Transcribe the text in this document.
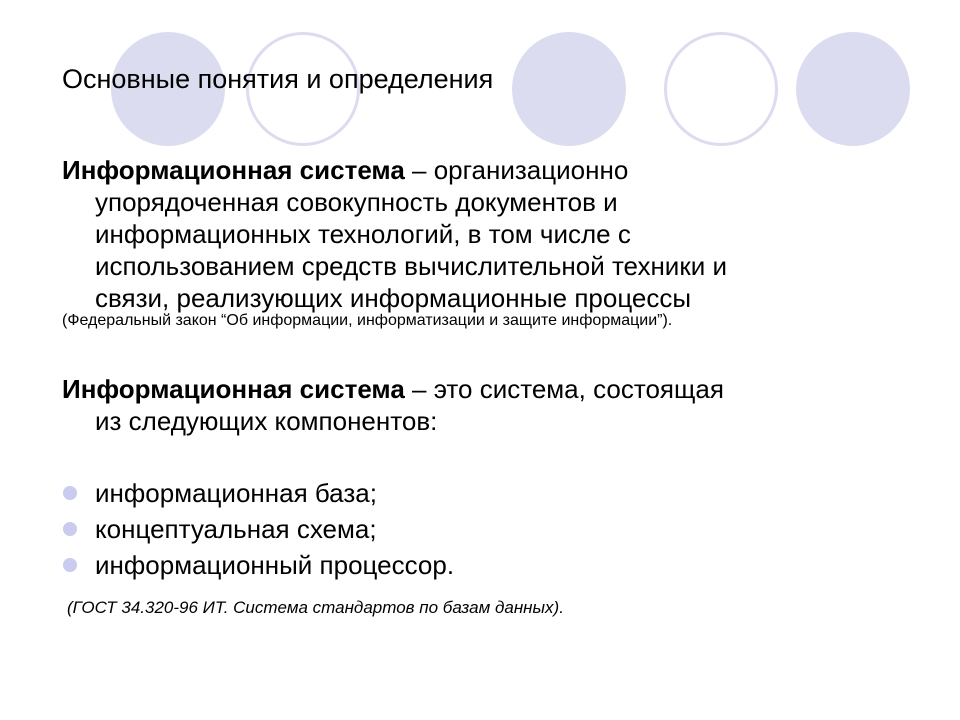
Основные понятия и определения
Информационная система – организационно
упорядоченная совокупность документов и
информационных технологий, в том числе с
использованием средств вычислительной техники и
связи, реализующих информационные процессы
(Федеральный закон “Об информации, информатизации и защите информации”).
Информационная система – это система, состоящая
из следующих компонентов:
информационная база;
концептуальная схема;
информационный процессор.
(ГОСТ 34.320-96 ИТ. Система стандартов по базам данных).
